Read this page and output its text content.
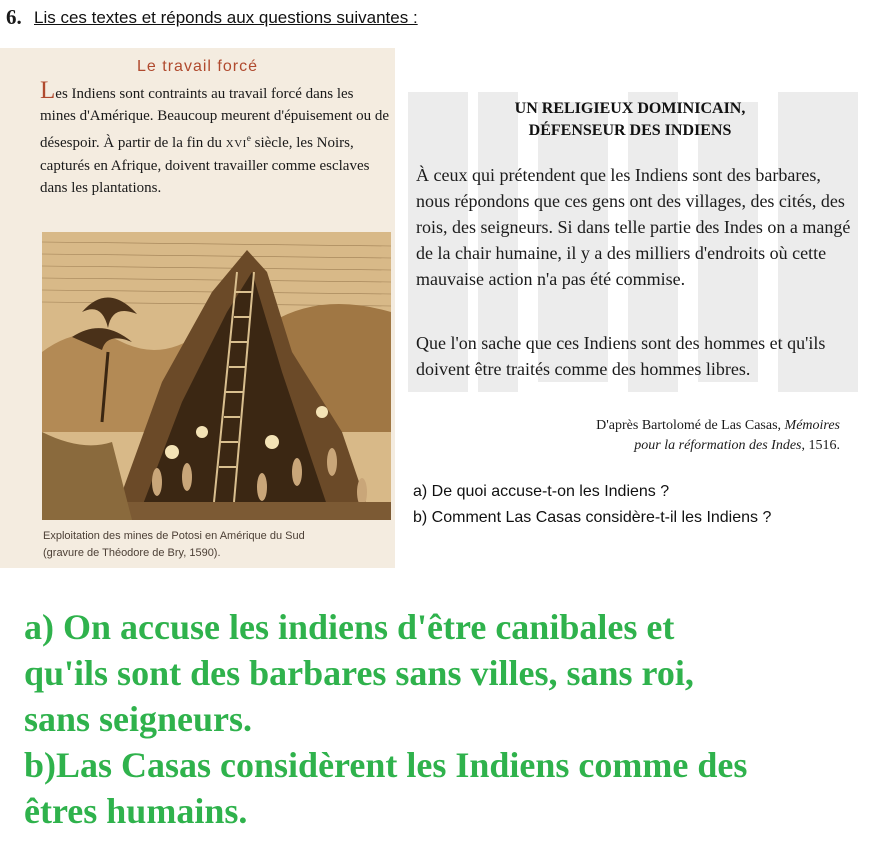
6. Lis ces textes et réponds aux questions suivantes :
Le travail forcé
Les Indiens sont contraints au travail forcé dans les mines d'Amérique. Beaucoup meurent d'épuisement ou de désespoir. À partir de la fin du XVIe siècle, les Noirs, capturés en Afrique, doivent travailler comme esclaves dans les plantations.
Exploitation des mines de Potosi en Amérique du Sud
(gravure de Théodore de Bry, 1590).
UN RELIGIEUX DOMINICAIN,
DÉFENSEUR DES INDIENS
À ceux qui prétendent que les Indiens sont des barbares, nous répondons que ces gens ont des villages, des cités, des rois, des seigneurs. Si dans telle partie des Indes on a mangé de la chair humaine, il y a des milliers d'endroits où cette mauvaise action n'a pas été commise.
Que l'on sache que ces Indiens sont des hommes et qu'ils doivent être traités comme des hommes libres.
D'après Bartolomé de Las Casas, Mémoires
pour la réformation des Indes, 1516.
a) De quoi accuse-t-on les Indiens ?
b) Comment Las Casas considère-t-il les Indiens ?
a) On accuse les indiens d'être canibales et
qu'ils sont des barbares sans villes, sans roi,
sans seigneurs.
b)Las Casas considèrent les Indiens comme des
êtres humains.
